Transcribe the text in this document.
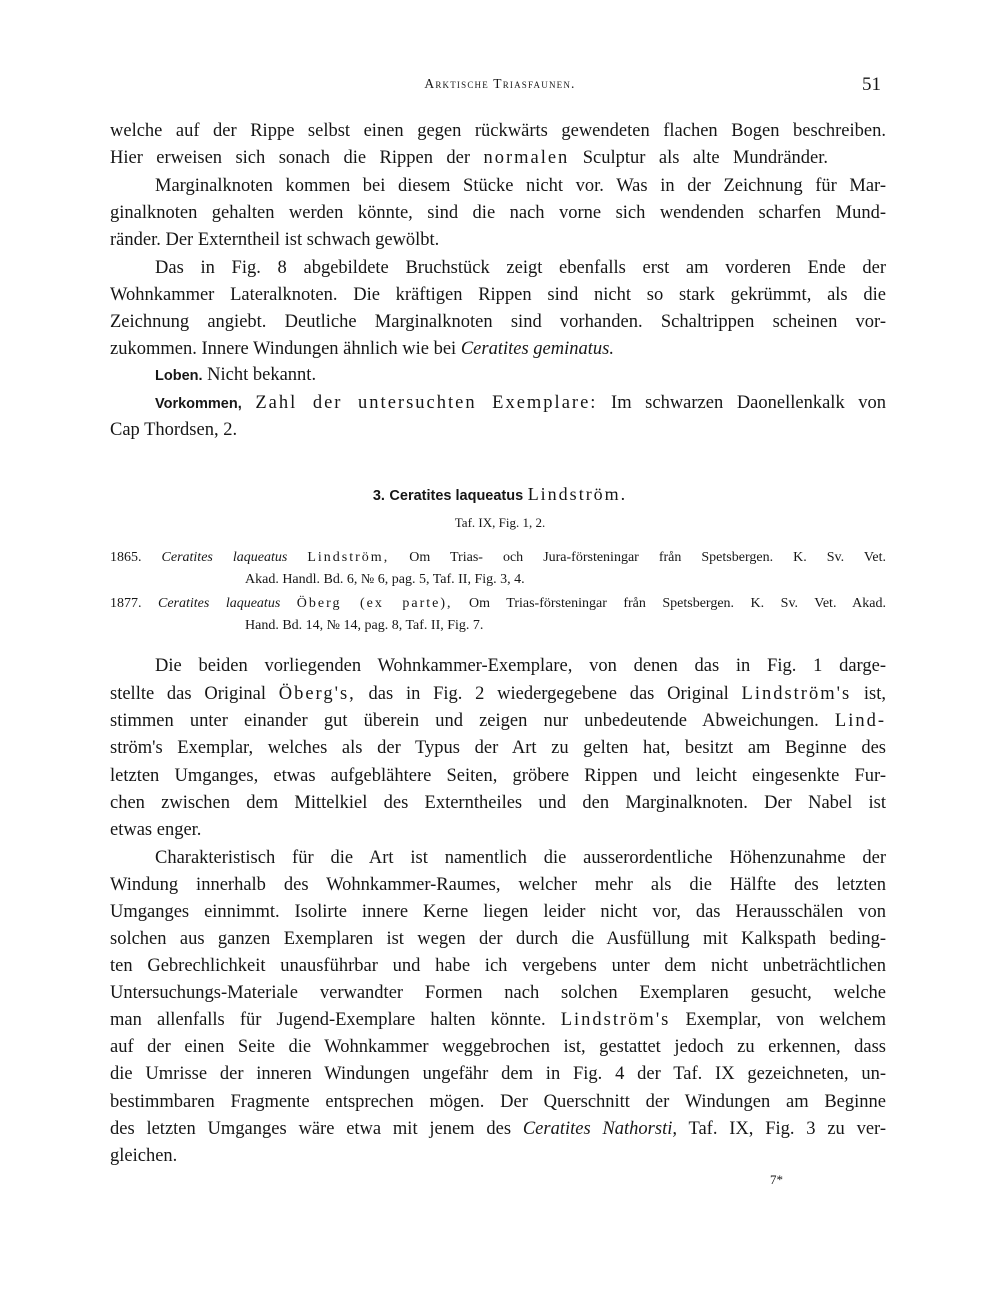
Arktische Triasfaunen.	51
welche auf der Rippe selbst einen gegen rückwärts gewendeten flachen Bogen beschreiben.
Hier erweisen sich sonach die Rippen der normalen Sculptur als alte Mundränder.
Marginalknoten kommen bei diesem Stücke nicht vor. Was in der Zeichnung für Mar-
ginalknoten gehalten werden könnte, sind die nach vorne sich wendenden scharfen Mund-
ränder. Der Externtheil ist schwach gewölbt.
Das in Fig. 8 abgebildete Bruchstück zeigt ebenfalls erst am vorderen Ende der
Wohnkammer Lateralknoten. Die kräftigen Rippen sind nicht so stark gekrümmt, als die
Zeichnung angiebt. Deutliche Marginalknoten sind vorhanden. Schaltrippen scheinen vor-
zukommen. Innere Windungen ähnlich wie bei Ceratites geminatus.
Loben. Nicht bekannt.
Vorkommen, Zahl der untersuchten Exemplare: Im schwarzen Daonellenkalk von
Cap Thordsen, 2.
3. Ceratites laqueatus Lindström.
Taf. IX, Fig. 1, 2.
1865. Ceratites laqueatus Lindström, Om Trias- och Jura-försteningar från Spetsbergen. K. Sv. Vet.
Akad. Handl. Bd. 6, № 6, pag. 5, Taf. II, Fig. 3, 4.
1877. Ceratites laqueatus Öberg (ex parte), Om Trias-försteningar från Spetsbergen. K. Sv. Vet. Akad.
Hand. Bd. 14, № 14, pag. 8, Taf. II, Fig. 7.
Die beiden vorliegenden Wohnkammer-Exemplare, von denen das in Fig. 1 darge-
stellte das Original Öberg's, das in Fig. 2 wiedergegebene das Original Lindström's ist,
stimmen unter einander gut überein und zeigen nur unbedeutende Abweichungen. Lind-
ström's Exemplar, welches als der Typus der Art zu gelten hat, besitzt am Beginne des
letzten Umganges, etwas aufgeblähtere Seiten, gröbere Rippen und leicht eingesenkte Fur-
chen zwischen dem Mittelkiel des Externtheiles und den Marginalknoten. Der Nabel ist
etwas enger.
Charakteristisch für die Art ist namentlich die ausserordentliche Höhenzunahme der
Windung innerhalb des Wohnkammer-Raumes, welcher mehr als die Hälfte des letzten
Umganges einnimmt. Isolirte innere Kerne liegen leider nicht vor, das Herausschälen von
solchen aus ganzen Exemplaren ist wegen der durch die Ausfüllung mit Kalkspath beding-
ten Gebrechlichkeit unausführbar und habe ich vergebens unter dem nicht unbeträchtlichen
Untersuchungs-Materiale verwandter Formen nach solchen Exemplaren gesucht, welche
man allenfalls für Jugend-Exemplare halten könnte. Lindström's Exemplar, von welchem
auf der einen Seite die Wohnkammer weggebrochen ist, gestattet jedoch zu erkennen, dass
die Umrisse der inneren Windungen ungefähr dem in Fig. 4 der Taf. IX gezeichneten, un-
bestimmbaren Fragmente entsprechen mögen. Der Querschnitt der Windungen am Beginne
des letzten Umganges wäre etwa mit jenem des Ceratites Nathorsti, Taf. IX, Fig. 3 zu ver-
gleichen.
7*
